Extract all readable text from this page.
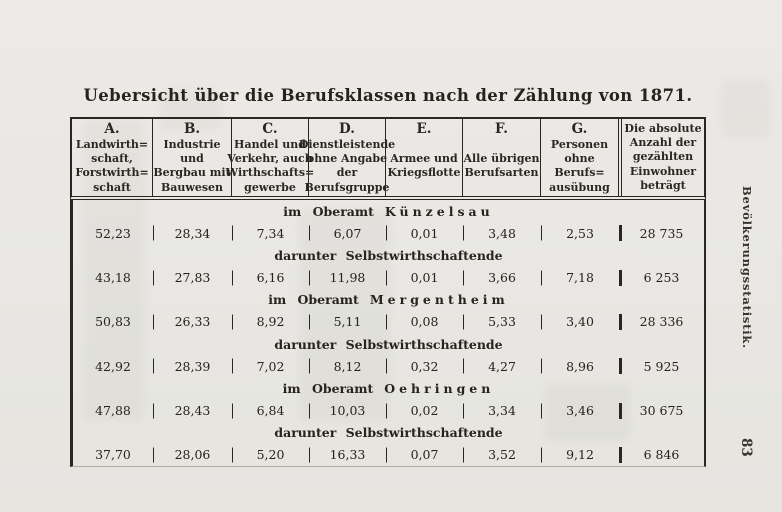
Uebersicht über die Berufsklassen nach der Zählung von 1871.
A.
Landwirth=
schaft,
Forstwirth=
schaft
B.
Industrie und
Bergbau mit
Bauwesen
C.
Handel und
Verkehr, auch
Wirthschafts=
gewerbe
D.
Dienstleistende
ohne Angabe
der
Berufsgruppe
E.
Armee und
Kriegsflotte
F.
Alle übrigen
Berufsarten
G.
Personen
ohne
Berufs=
ausübung
Die absolute
Anzahl der
gezählten
Einwohner
beträgt
im Oberamt Künzelsau
52,23	28,34	7,34	6,07	0,01	3,48	2,53	28 735
darunter Selbstwirthschaftende
43,18	27,83	6,16	11,98	0,01	3,66	7,18	6 253
im Oberamt Mergentheim
50,83	26,33	8,92	5,11	0,08	5,33	3,40	28 336
darunter Selbstwirthschaftende
42,92	28,39	7,02	8,12	0,32	4,27	8,96	5 925
im Oberamt Oehringen
47,88	28,43	6,84	10,03	0,02	3,34	3,46	30 675
darunter Selbstwirthschaftende
37,70	28,06	5,20	16,33	0,07	3,52	9,12	6 846
Bevölkerungsstatistik.
83
